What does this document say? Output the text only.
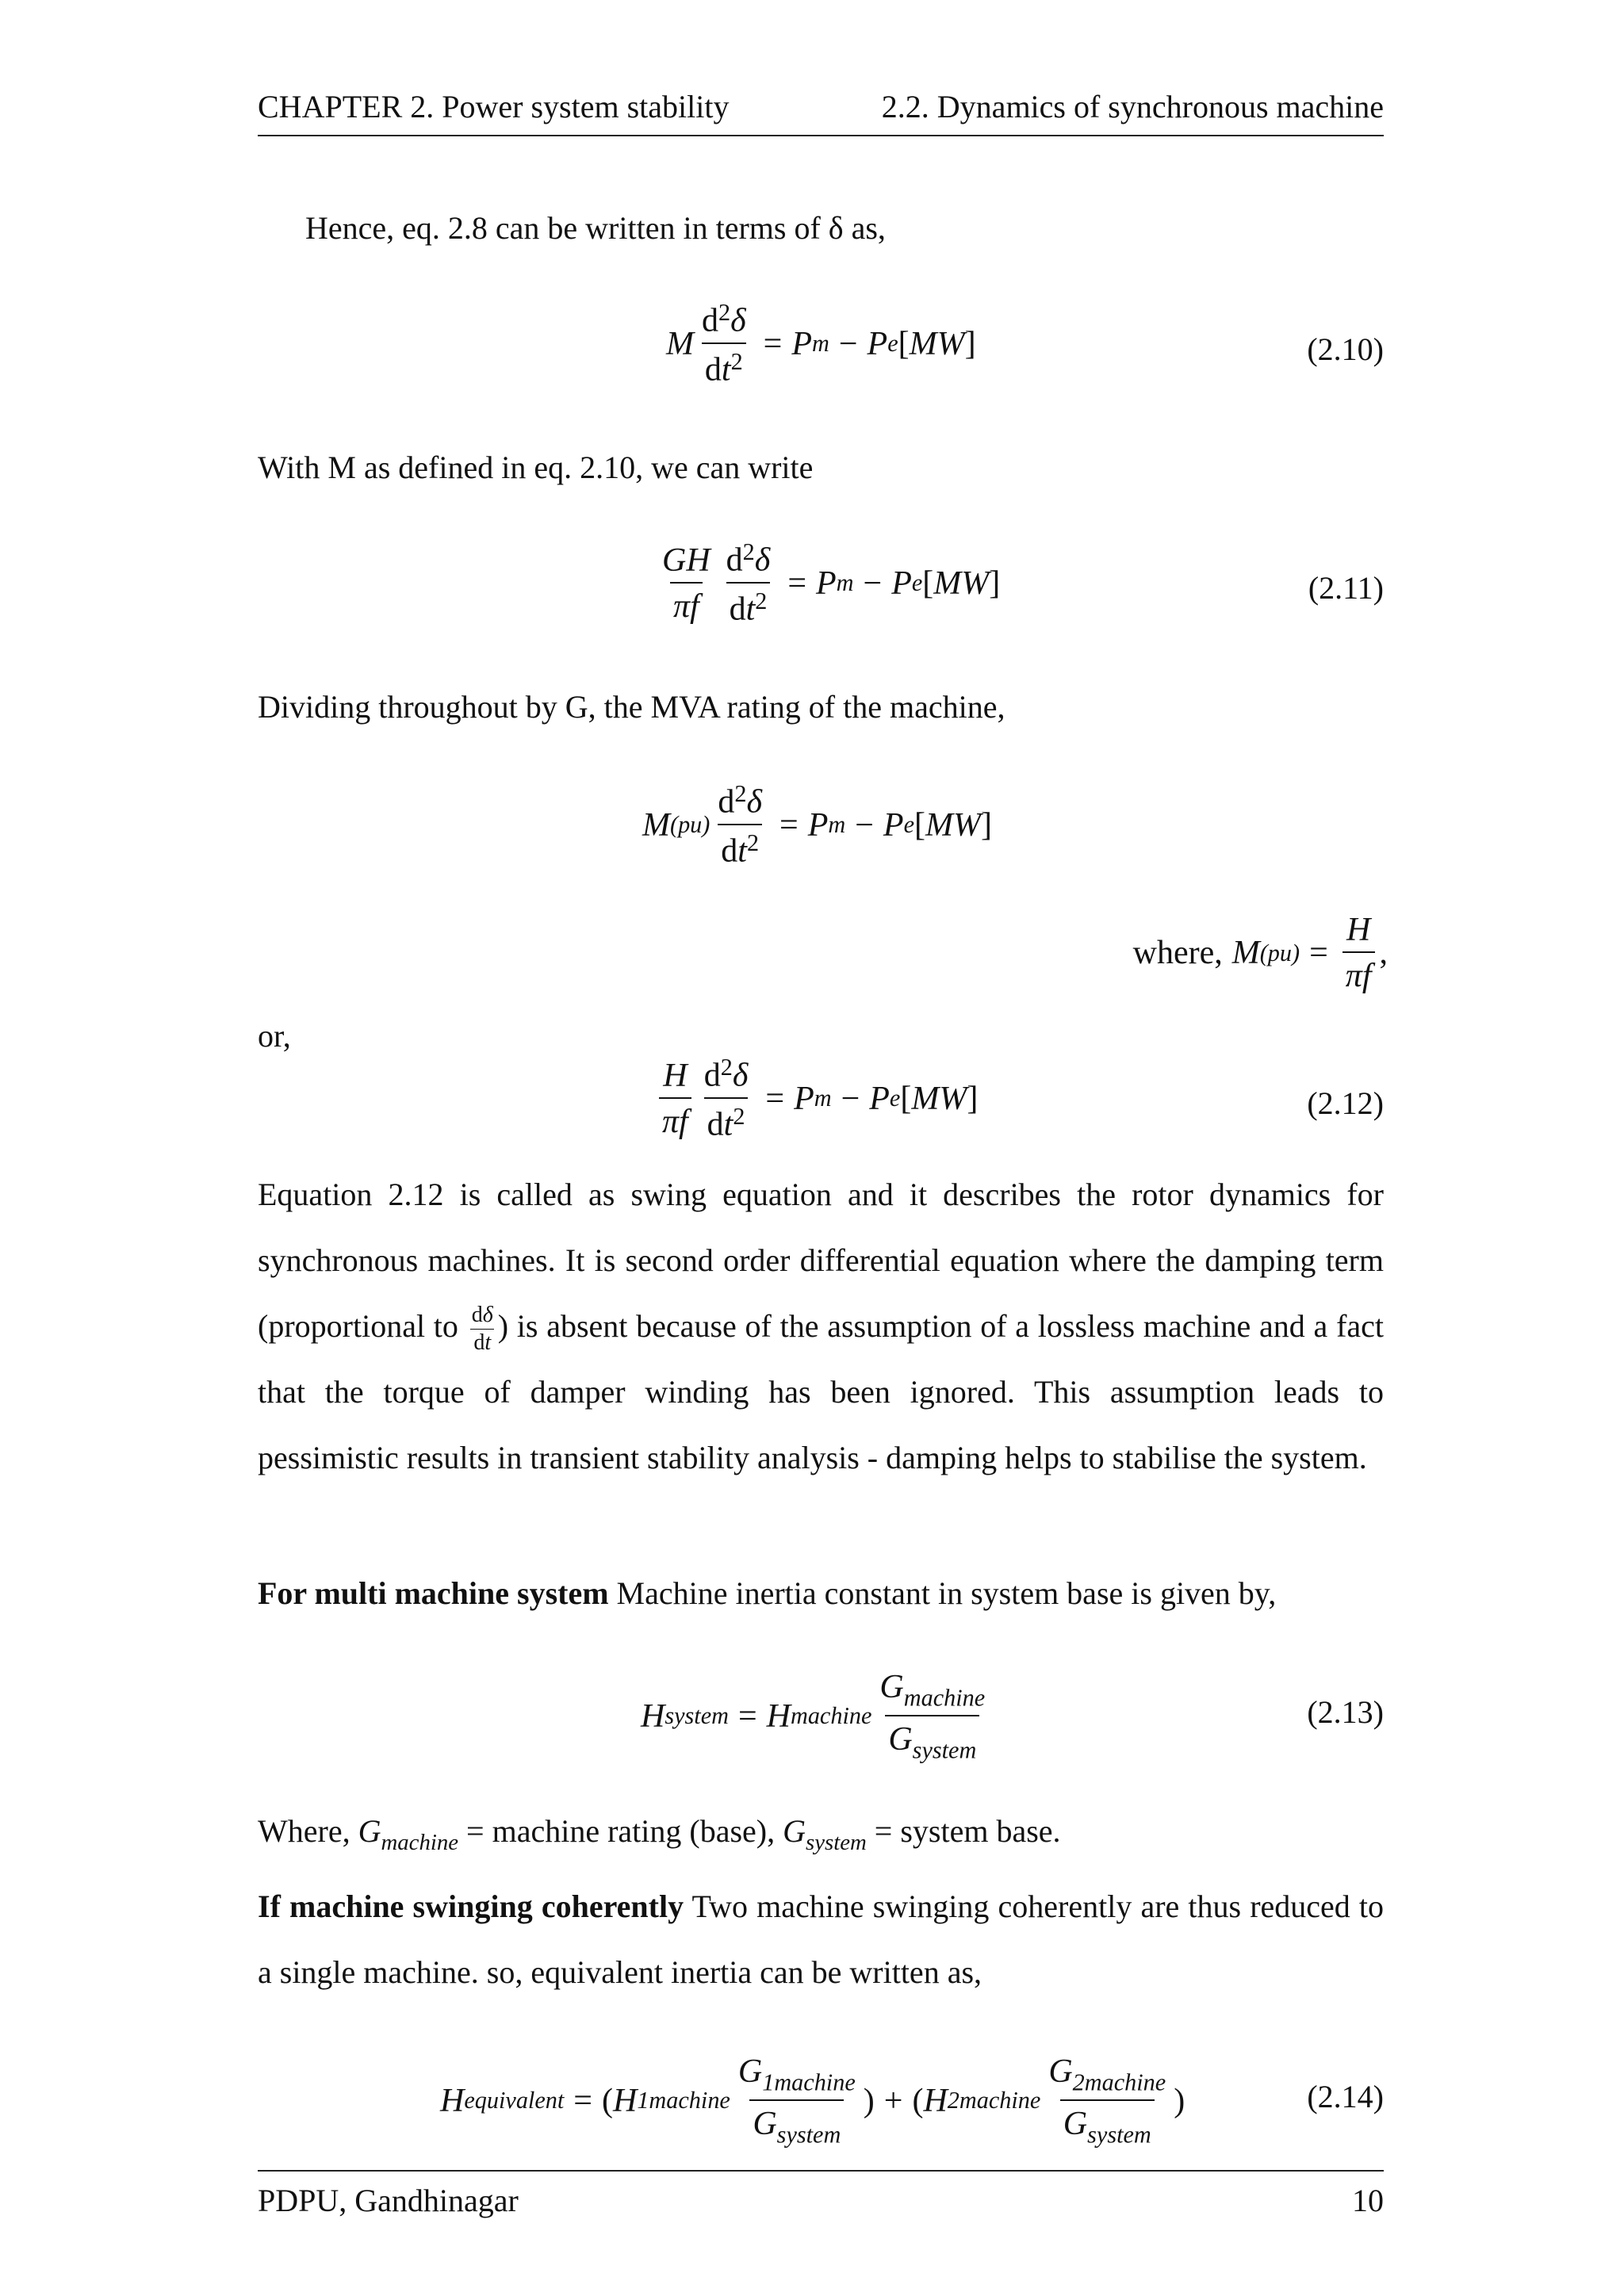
CHAPTER 2. Power system stability	2.2. Dynamics of synchronous machine
Hence, eq. 2.8 can be written in terms of δ as,
M $\frac{d^2\delta}{dt^2} = P$ m − P e [ MW ]	(2.10)
With M as defined in eq. 2.10, we can write
$\frac{GH}{\pi f} \frac{d^2\delta}{dt^2} = P$ m − P e [ MW ]	(2.11)
Dividing throughout by G, the MVA rating of the machine,
M $(pu) \frac{d^2\delta}{dt^2} = P$ m − P e [ MW ]
where, M $(pu) = \frac{H}{\pi f}$ ,
or,
$\frac{H}{\pi f} \frac{d^2\delta}{dt^2} = P$ m − P e [ MW ]	(2.12)
Equation 2.12 is called as swing equation and it describes the rotor dynamics for synchronous machines. It is second order differential equation where the damping term (proportional to $\frac{d\delta}{dt}$ ) is absent because of the assumption of a lossless machine and a fact that the torque of damper winding has been ignored. This assumption leads to pessimistic results in transient stability analysis - damping helps to stabilise the system.
For multi machine system Machine inertia constant in system base is given by,
H system = H machine $\frac{G_{machine}}{G_{system}}$	(2.13)
Where, $G_{machine}$ = machine rating (base), $G_{system}$ = system base.
If machine swinging coherently Two machine swinging coherently are thus reduced to a single machine. so, equivalent inertia can be written as,
H equivalent = ( H 1machine $\frac{G_{1machine}}{G_{system}}$ ) + ( H 2machine $\frac{G_{2machine}}{G_{system}}$ )	(2.14)
PDPU, Gandhinagar	10
